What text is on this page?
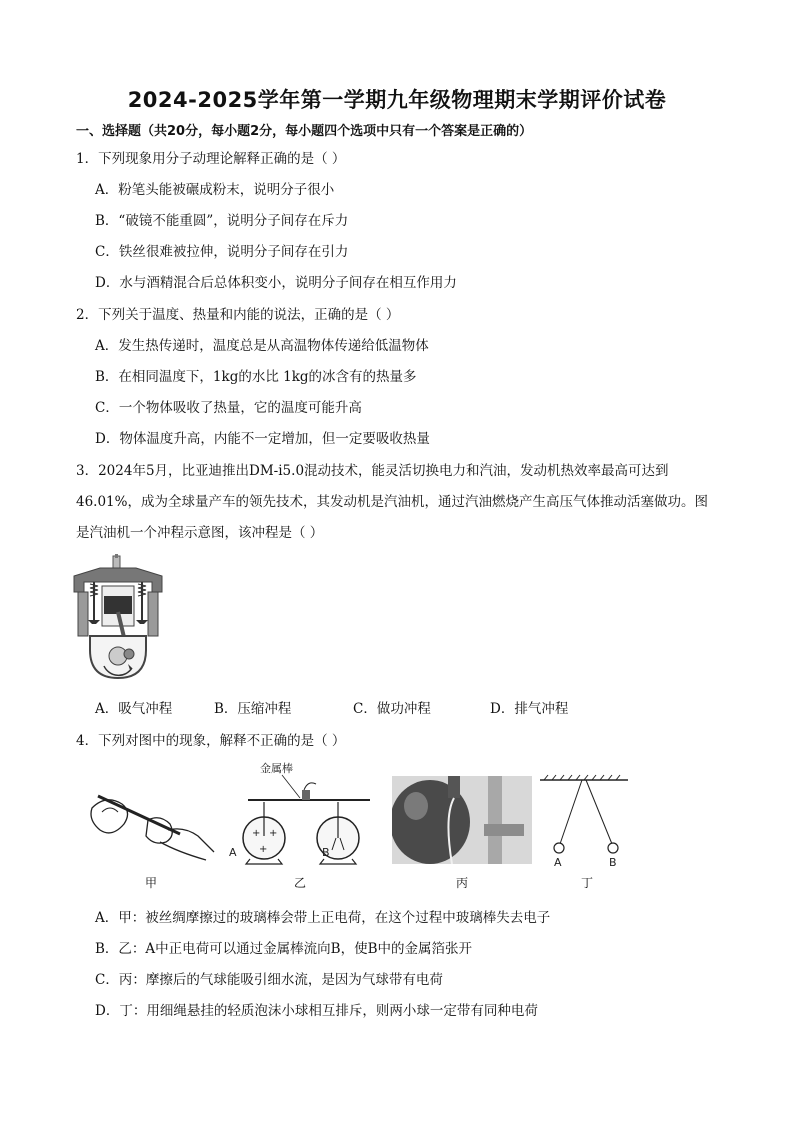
2024-2025学年第一学期九年级物理期末学期评价试卷
一、选择题（共20分，每小题2分，每小题四个选项中只有一个答案是正确的）
1．下列现象用分子动理论解释正确的是（ ）
A．粉笔头能被碾成粉末，说明分子很小
B．“破镜不能重圆”，说明分子间存在斥力
C．铁丝很难被拉伸，说明分子间存在引力
D．水与酒精混合后总体积变小，说明分子间存在相互作用力
2．下列关于温度、热量和内能的说法，正确的是（ ）
A．发生热传递时，温度总是从高温物体传递给低温物体
B．在相同温度下，1kg的水比 1kg的冰含有的热量多
C．一个物体吸收了热量，它的温度可能升高
D．物体温度升高，内能不一定增加，但一定要吸收热量
3．2024年5月，比亚迪推出DM-i5.0混动技术，能灵活切换电力和汽油，发动机热效率最高可达到
46.01%，成为全球量产车的领先技术，其发动机是汽油机，通过汽油燃烧产生高压气体推动活塞做功。图
是汽油机一个冲程示意图，该冲程是（ ）
A．吸气冲程	B．压缩冲程	C．做功冲程	D．排气冲程
4．下列对图中的现象，解释不正确的是（ ）
甲
金属棒
+ +
+
A	B
乙	丙
A	B
丁
A．甲：被丝绸摩擦过的玻璃棒会带上正电荷，在这个过程中玻璃棒失去电子
B．乙：A中正电荷可以通过金属棒流向B，使B中的金属箔张开
C．丙：摩擦后的气球能吸引细水流，是因为气球带有电荷
D．丁：用细绳悬挂的轻质泡沫小球相互排斥，则两小球一定带有同种电荷
